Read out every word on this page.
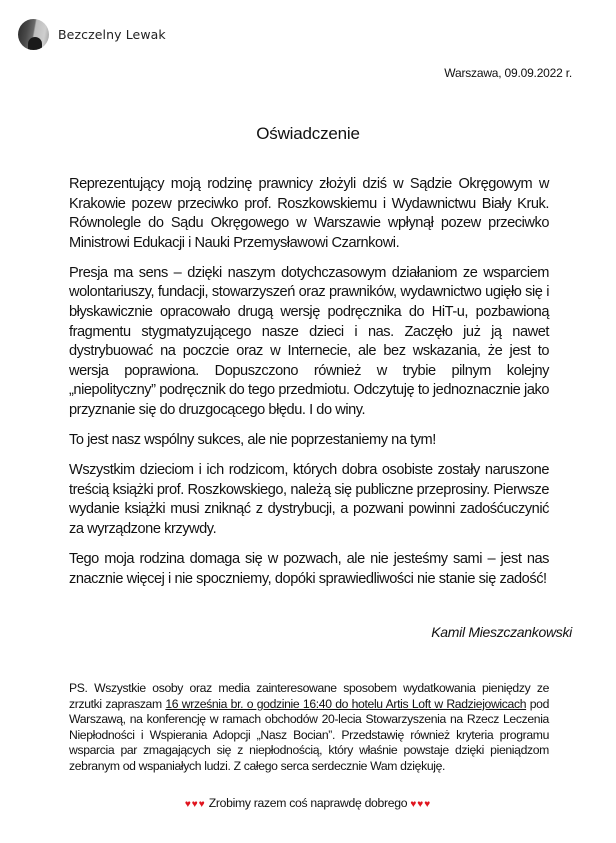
Bezczelny Lewak
Warszawa, 09.09.2022 r.
Oświadczenie

Reprezentujący moją rodzinę prawnicy złożyli dziś w Sądzie Okręgowym w Krakowie pozew przeciwko prof. Roszkowskiemu i Wydawnictwu Biały Kruk. Równolegle do Sądu Okręgowego w Warszawie wpłynął pozew przeciwko Ministrowi Edukacji i Nauki Przemysławowi Czarnkowi.

Presja ma sens – dzięki naszym dotychczasowym działaniom ze wsparciem wolontariuszy, fundacji, stowarzyszeń oraz prawników, wydawnictwo ugięło się i błyskawicznie opracowało drugą wersję podręcznika do HiT-u, pozbawioną fragmentu stygmatyzującego nasze dzieci i nas. Zaczęło już ją nawet dystrybuować na poczcie oraz w Internecie, ale bez wskazania, że jest to wersja poprawiona. Dopuszczono również w trybie pilnym kolejny „niepolityczny” podręcznik do tego przedmiotu. Odczytuję to jednoznacznie jako przyznanie się do druzgocącego błędu. I do winy.

To jest nasz wspólny sukces, ale nie poprzestaniemy na tym!

Wszystkim dzieciom i ich rodzicom, których dobra osobiste zostały naruszone treścią książki prof. Roszkowskiego, należą się publiczne przeprosiny. Pierwsze wydanie książki musi zniknąć z dystrybucji, a pozwani powinni zadośćuczynić za wyrządzone krzywdy.

Tego moja rodzina domaga się w pozwach, ale nie jesteśmy sami – jest nas znacznie więcej i nie spoczniemy, dopóki sprawiedliwości nie stanie się zadość!

Kamil Mieszczankowski
PS. Wszystkie osoby oraz media zainteresowane sposobem wydatkowania pieniędzy ze zrzutki zapraszam 16 września br. o godzinie 16:40 do hotelu Artis Loft w Radziejowicach pod Warszawą, na konferencję w ramach obchodów 20-lecia Stowarzyszenia na Rzecz Leczenia Niepłodności i Wspierania Adopcji „Nasz Bocian”. Przedstawię również kryteria programu wsparcia par zmagających się z niepłodnością, który właśnie powstaje dzięki pieniądzom zebranym od wspaniałych ludzi. Z całego serca serdecznie Wam dziękuję.
♥♥♥ Zrobimy razem coś naprawdę dobrego ♥♥♥
